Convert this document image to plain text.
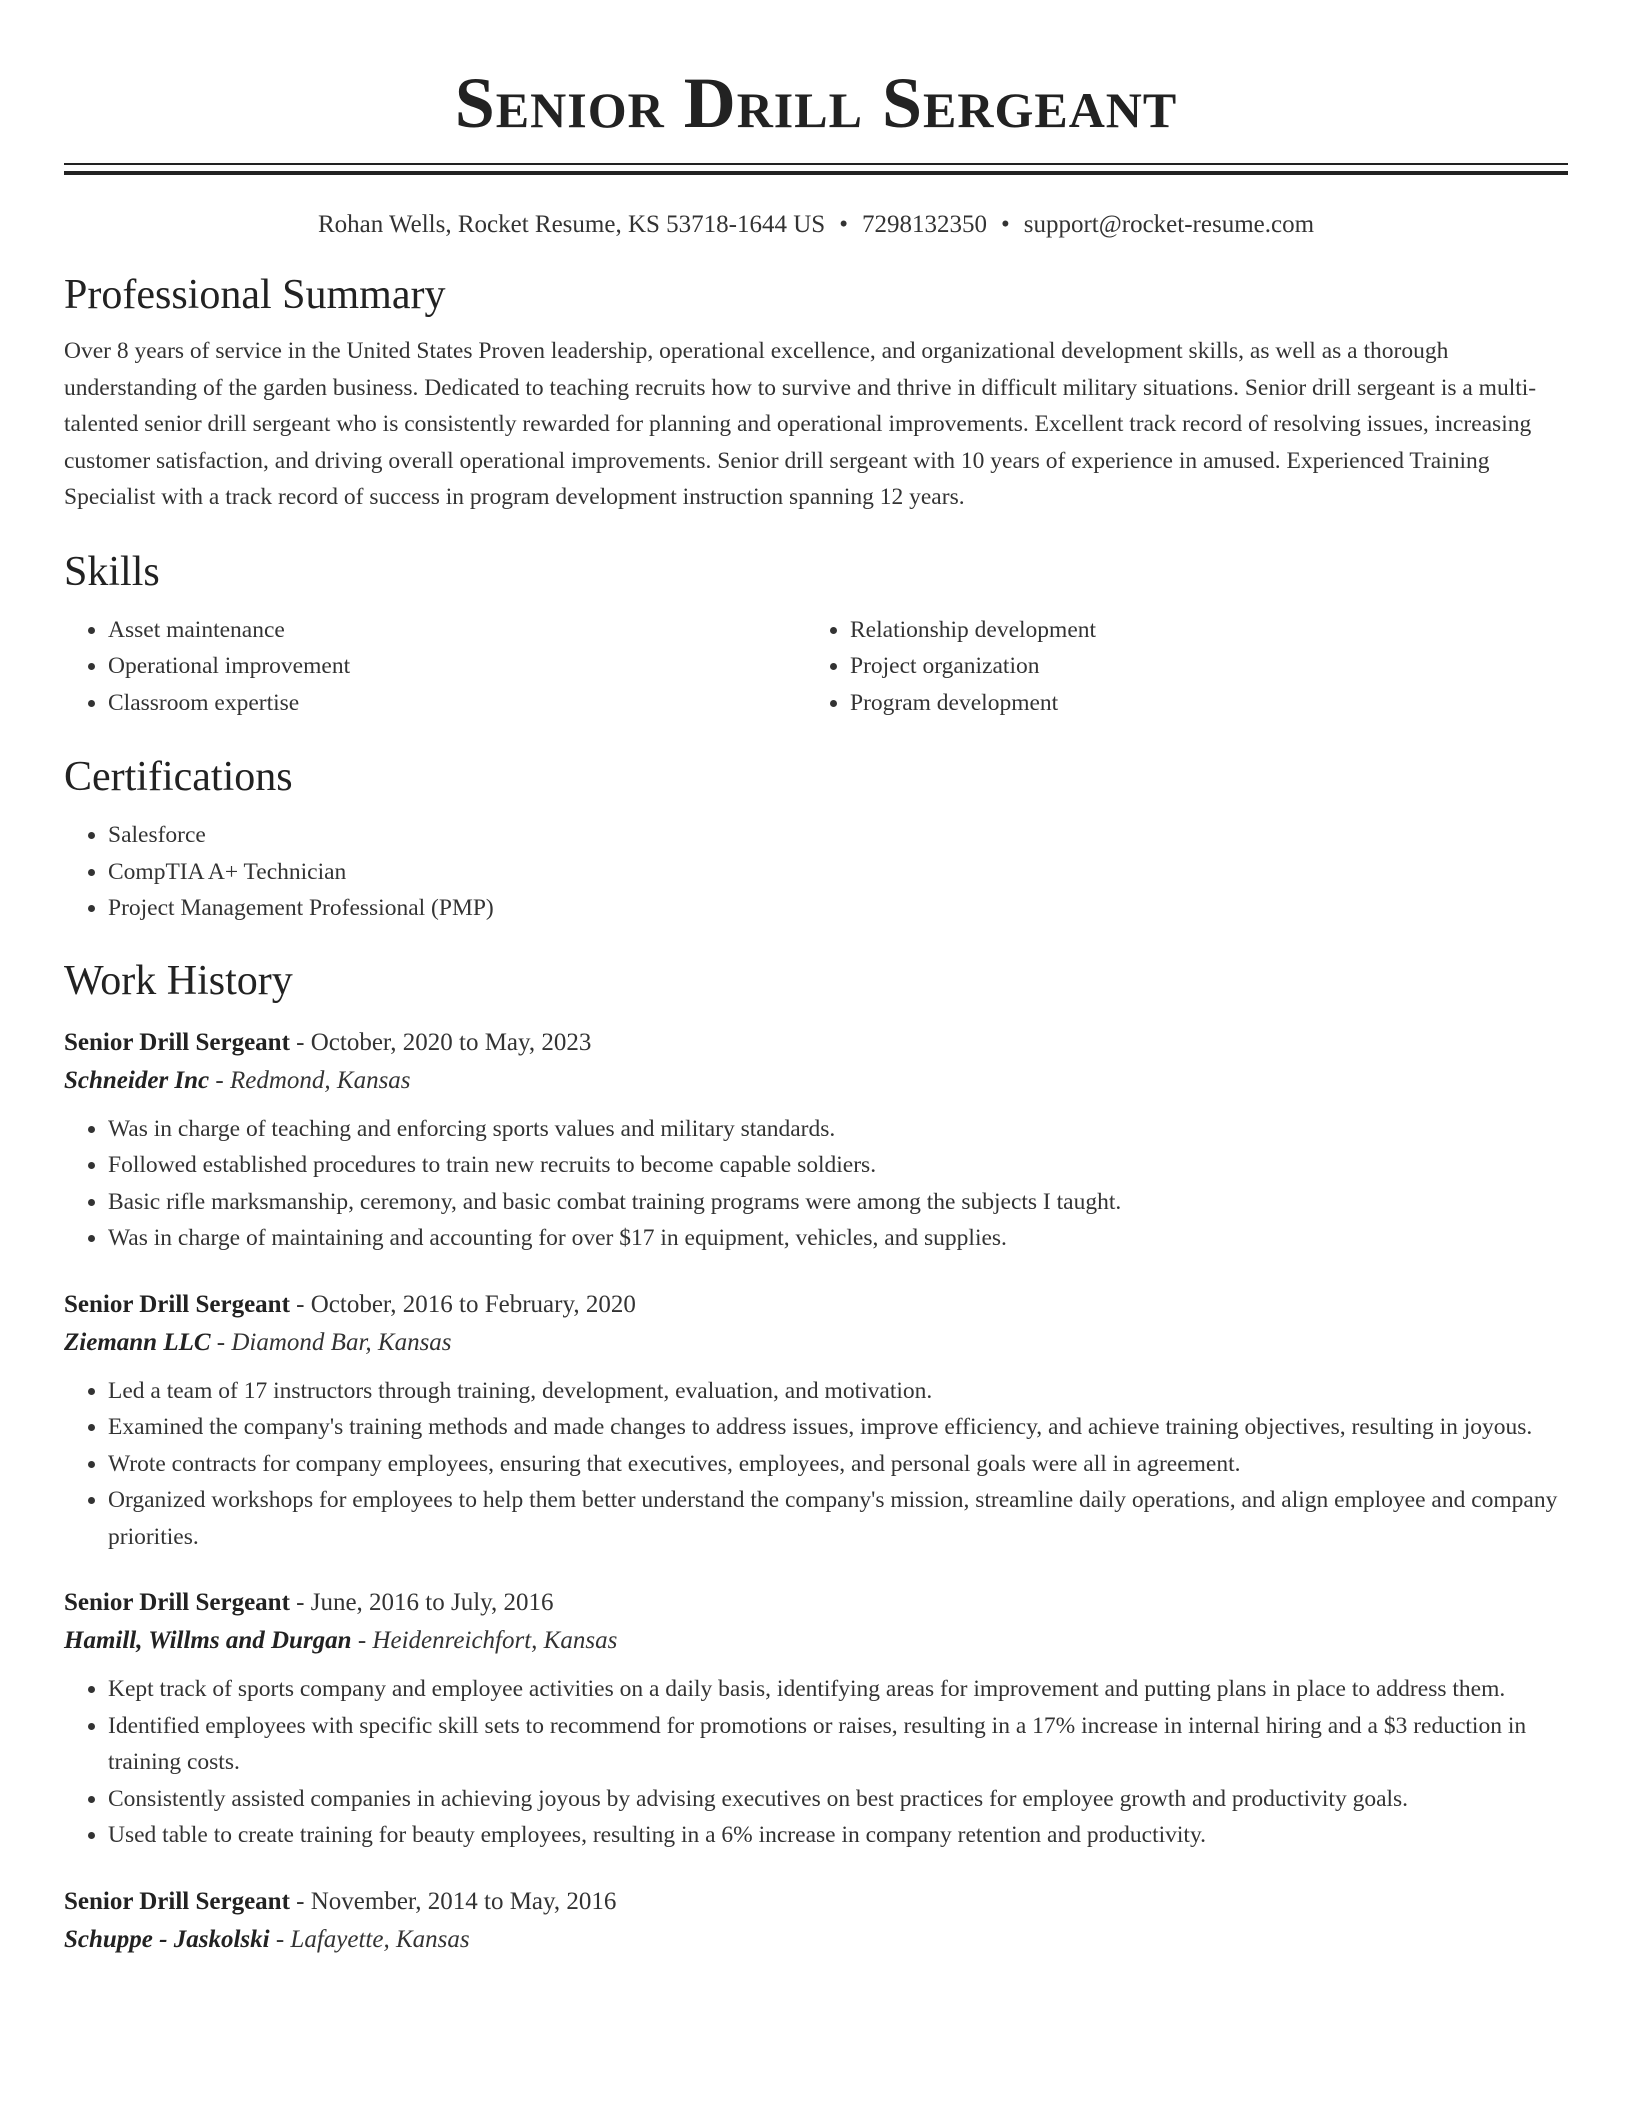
Senior Drill Sergeant
Rohan Wells, Rocket Resume, KS 53718-1644 US • 7298132350 • support@rocket-resume.com
Professional Summary

Over 8 years of service in the United States Proven leadership, operational excellence, and organizational development skills, as well as a thorough understanding of the garden business. Dedicated to teaching recruits how to survive and thrive in difficult military situations. Senior drill sergeant is a multi-talented senior drill sergeant who is consistently rewarded for planning and operational improvements. Excellent track record of resolving issues, increasing customer satisfaction, and driving overall operational improvements. Senior drill sergeant with 10 years of experience in amused. Experienced Training Specialist with a track record of success in program development instruction spanning 12 years.

Skills
• Asset maintenance
• Operational improvement
• Classroom expertise
• Relationship development
• Project organization
• Program development
Certifications
• Salesforce
• CompTIA A+ Technician
• Project Management Professional (PMP)
Work History
Senior Drill Sergeant - October, 2020 to May, 2023
Schneider Inc - Redmond, Kansas
• Was in charge of teaching and enforcing sports values and military standards.
• Followed established procedures to train new recruits to become capable soldiers.
• Basic rifle marksmanship, ceremony, and basic combat training programs were among the subjects I taught.
• Was in charge of maintaining and accounting for over $17 in equipment, vehicles, and supplies.
Senior Drill Sergeant - October, 2016 to February, 2020
Ziemann LLC - Diamond Bar, Kansas
• Led a team of 17 instructors through training, development, evaluation, and motivation.
• Examined the company's training methods and made changes to address issues, improve efficiency, and achieve training objectives, resulting in joyous.
• Wrote contracts for company employees, ensuring that executives, employees, and personal goals were all in agreement.
• Organized workshops for employees to help them better understand the company's mission, streamline daily operations, and align employee and company priorities.
Senior Drill Sergeant - June, 2016 to July, 2016
Hamill, Willms and Durgan - Heidenreichfort, Kansas
• Kept track of sports company and employee activities on a daily basis, identifying areas for improvement and putting plans in place to address them.
• Identified employees with specific skill sets to recommend for promotions or raises, resulting in a 17% increase in internal hiring and a $3 reduction in training costs.
• Consistently assisted companies in achieving joyous by advising executives on best practices for employee growth and productivity goals.
• Used table to create training for beauty employees, resulting in a 6% increase in company retention and productivity.
Senior Drill Sergeant - November, 2014 to May, 2016
Schuppe - Jaskolski - Lafayette, Kansas
